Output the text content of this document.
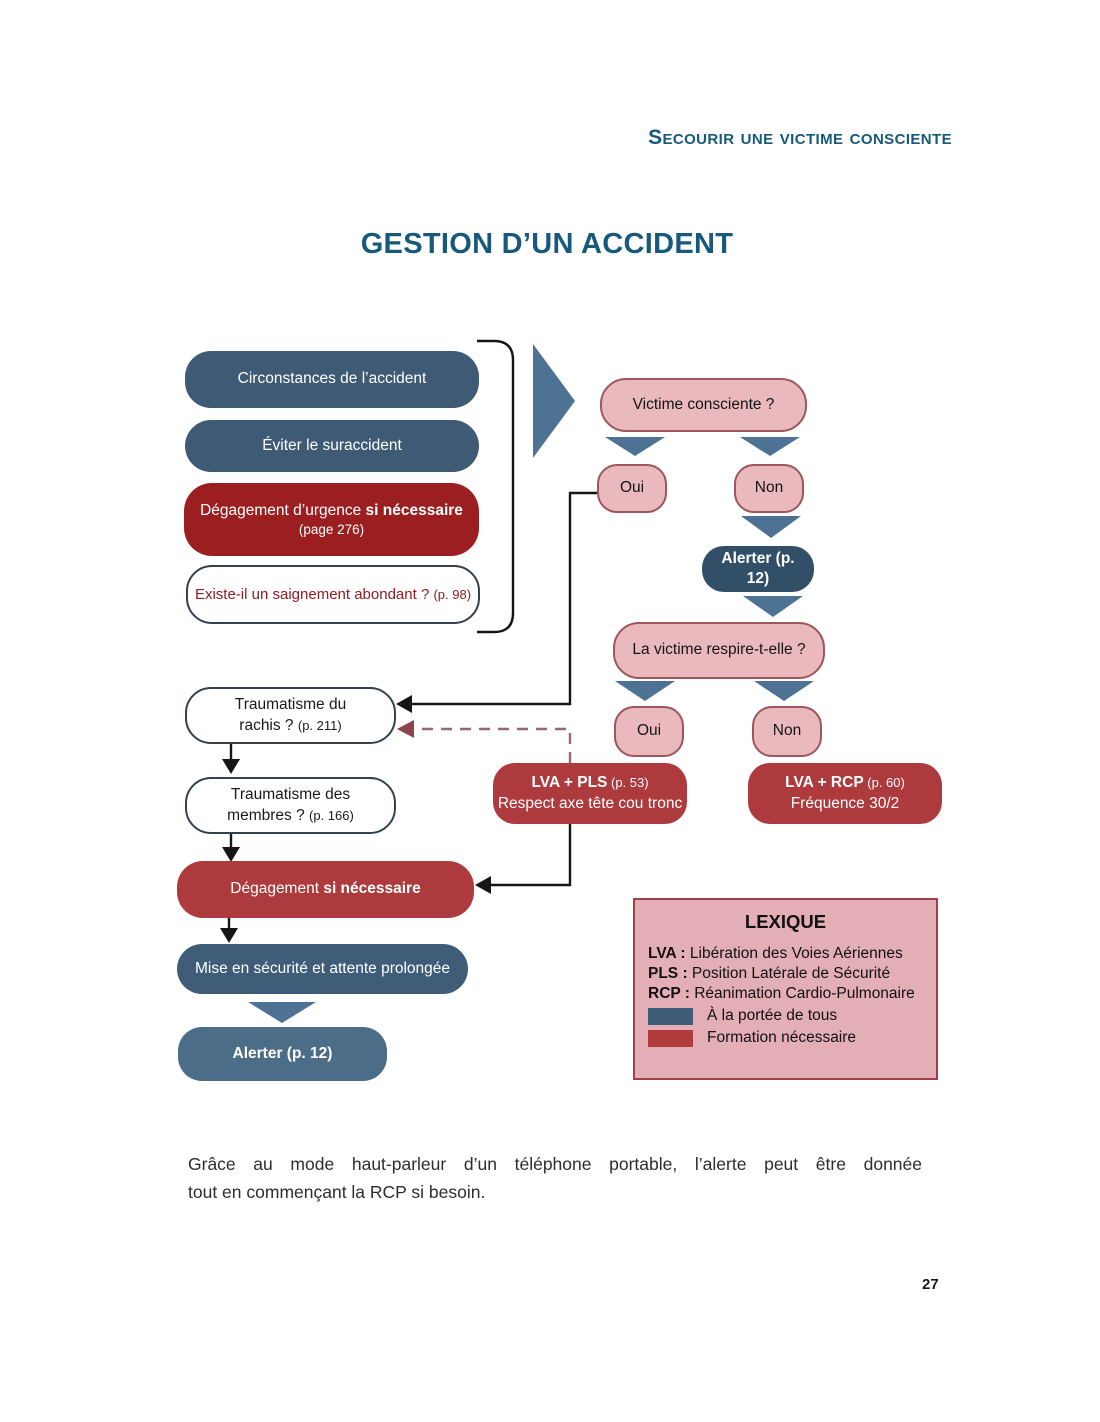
Secourir une victime consciente
GESTION D’UN ACCIDENT
Circonstances de l’accident
Éviter le suraccident
Dégagement d’urgence si nécessaire
(page 276)
Existe-il un saignement abondant ? (p. 98)
Victime consciente ?
Oui	Non
Alerter (p. 12)
La victime respire-t-elle ?
Oui	Non
LVA + PLS (p. 53)
Respect axe tête cou tronc
LVA + RCP (p. 60)
Fréquence 30/2
Traumatisme du
rachis ? (p. 211)
Traumatisme des
membres ? (p. 166)
Dégagement si nécessaire
Mise en sécurité et attente prolongée
Alerter (p. 12)
LEXIQUE
LVA : Libération des Voies Aériennes
PLS : Position Latérale de Sécurité
RCP : Réanimation Cardio-Pulmonaire
À la portée de tous
Formation nécessaire
Grâce au mode haut-parleur d’un téléphone portable, l’alerte peut être donnée
tout en commençant la RCP si besoin.
27
